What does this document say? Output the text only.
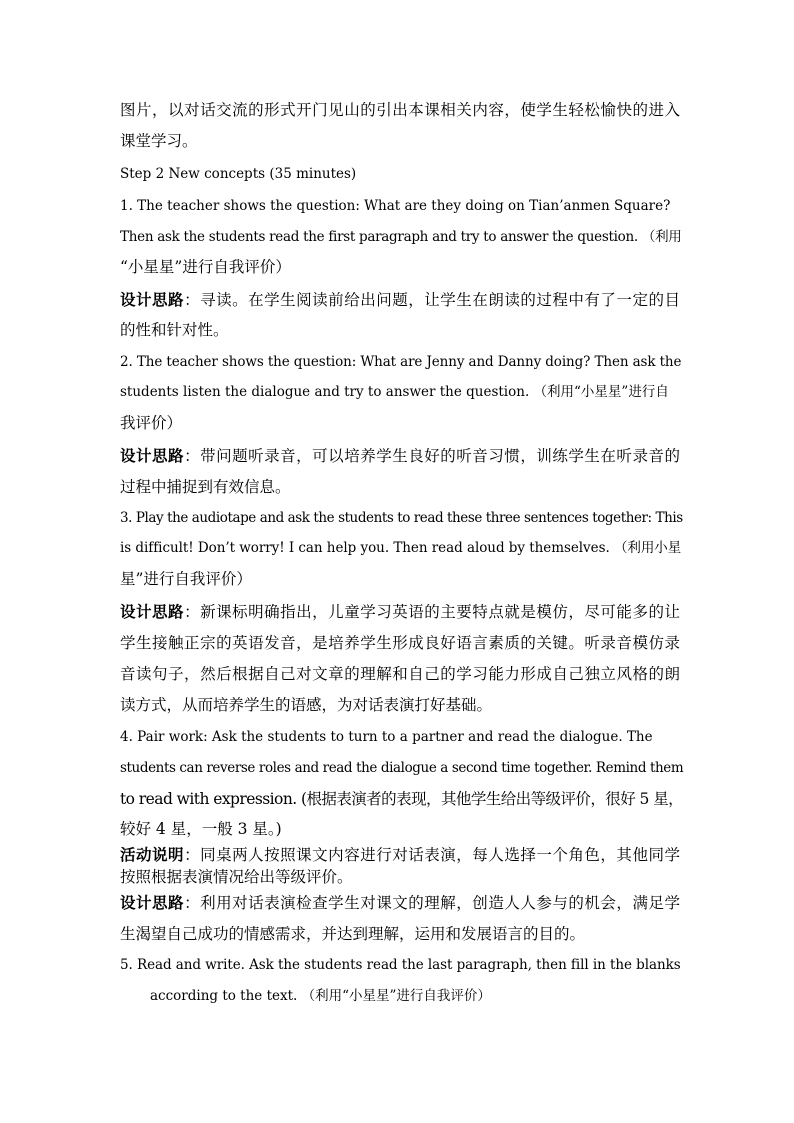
图片，以对话交流的形式开门见山的引出本课相关内容，使学生轻松愉快的进入
课堂学习。
Step 2 New concepts (35 minutes)
1. The teacher shows the question: What are they doing on Tian’anmen Square?
Then ask the students read the first paragraph and try to answer the question. （利用
“小星星”进行自我评价）
设计思路：寻读。在学生阅读前给出问题，让学生在朗读的过程中有了一定的目
的性和针对性。
2. The teacher shows the question: What are Jenny and Danny doing? Then ask the
students listen the dialogue and try to answer the question. （利用“小星星”进行自
我评价）
设计思路：带问题听录音，可以培养学生良好的听音习惯，训练学生在听录音的
过程中捕捉到有效信息。
3. Play the audiotape and ask the students to read these three sentences together: This
is difficult! Don’t worry! I can help you. Then read aloud by themselves. （利用小星
星”进行自我评价）
设计思路：新课标明确指出，儿童学习英语的主要特点就是模仿，尽可能多的让
学生接触正宗的英语发音，是培养学生形成良好语言素质的关键。听录音模仿录
音读句子，然后根据自己对文章的理解和自己的学习能力形成自己独立风格的朗
读方式，从而培养学生的语感，为对话表演打好基础。
4. Pair work: Ask the students to turn to a partner and read the dialogue. The
students can reverse roles and read the dialogue a second time together. Remind them
to read with expression. (根据表演者的表现，其他学生给出等级评价，很好 5 星，
较好 4 星，一般 3 星。)
活动说明：同桌两人按照课文内容进行对话表演，每人选择一个角色，其他同学
按照根据表演情况给出等级评价。
设计思路：利用对话表演检查学生对课文的理解，创造人人参与的机会，满足学
生渴望自己成功的情感需求，并达到理解，运用和发展语言的目的。
5. Read and write. Ask the students read the last paragraph, then fill in the blanks
according to the text. （利用“小星星”进行自我评价）
